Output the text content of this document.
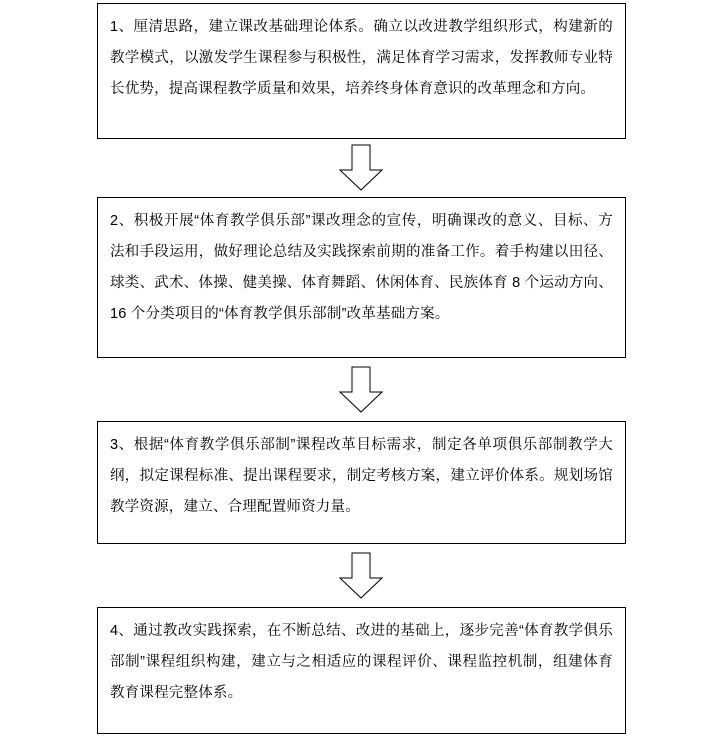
1、厘清思路，建立课改基础理论体系。确立以改进教学组织形式，构建新的教学模式，以激发学生课程参与积极性，满足体育学习需求，发挥教师专业特长优势，提高课程教学质量和效果，培养终身体育意识的改革理念和方向。
2、积极开展“体育教学俱乐部”课改理念的宣传，明确课改的意义、目标、方法和手段运用，做好理论总结及实践探索前期的准备工作。着手构建以田径、球类、武术、体操、健美操、体育舞蹈、休闲体育、民族体育 8 个运动方向、16 个分类项目的“体育教学俱乐部制”改革基础方案。
3、根据“体育教学俱乐部制”课程改革目标需求，制定各单项俱乐部制教学大纲，拟定课程标准、提出课程要求，制定考核方案，建立评价体系。规划场馆教学资源，建立、合理配置师资力量。
4、通过教改实践探索，在不断总结、改进的基础上，逐步完善“体育教学俱乐部制”课程组织构建，建立与之相适应的课程评价、课程监控机制，组建体育教育课程完整体系。
